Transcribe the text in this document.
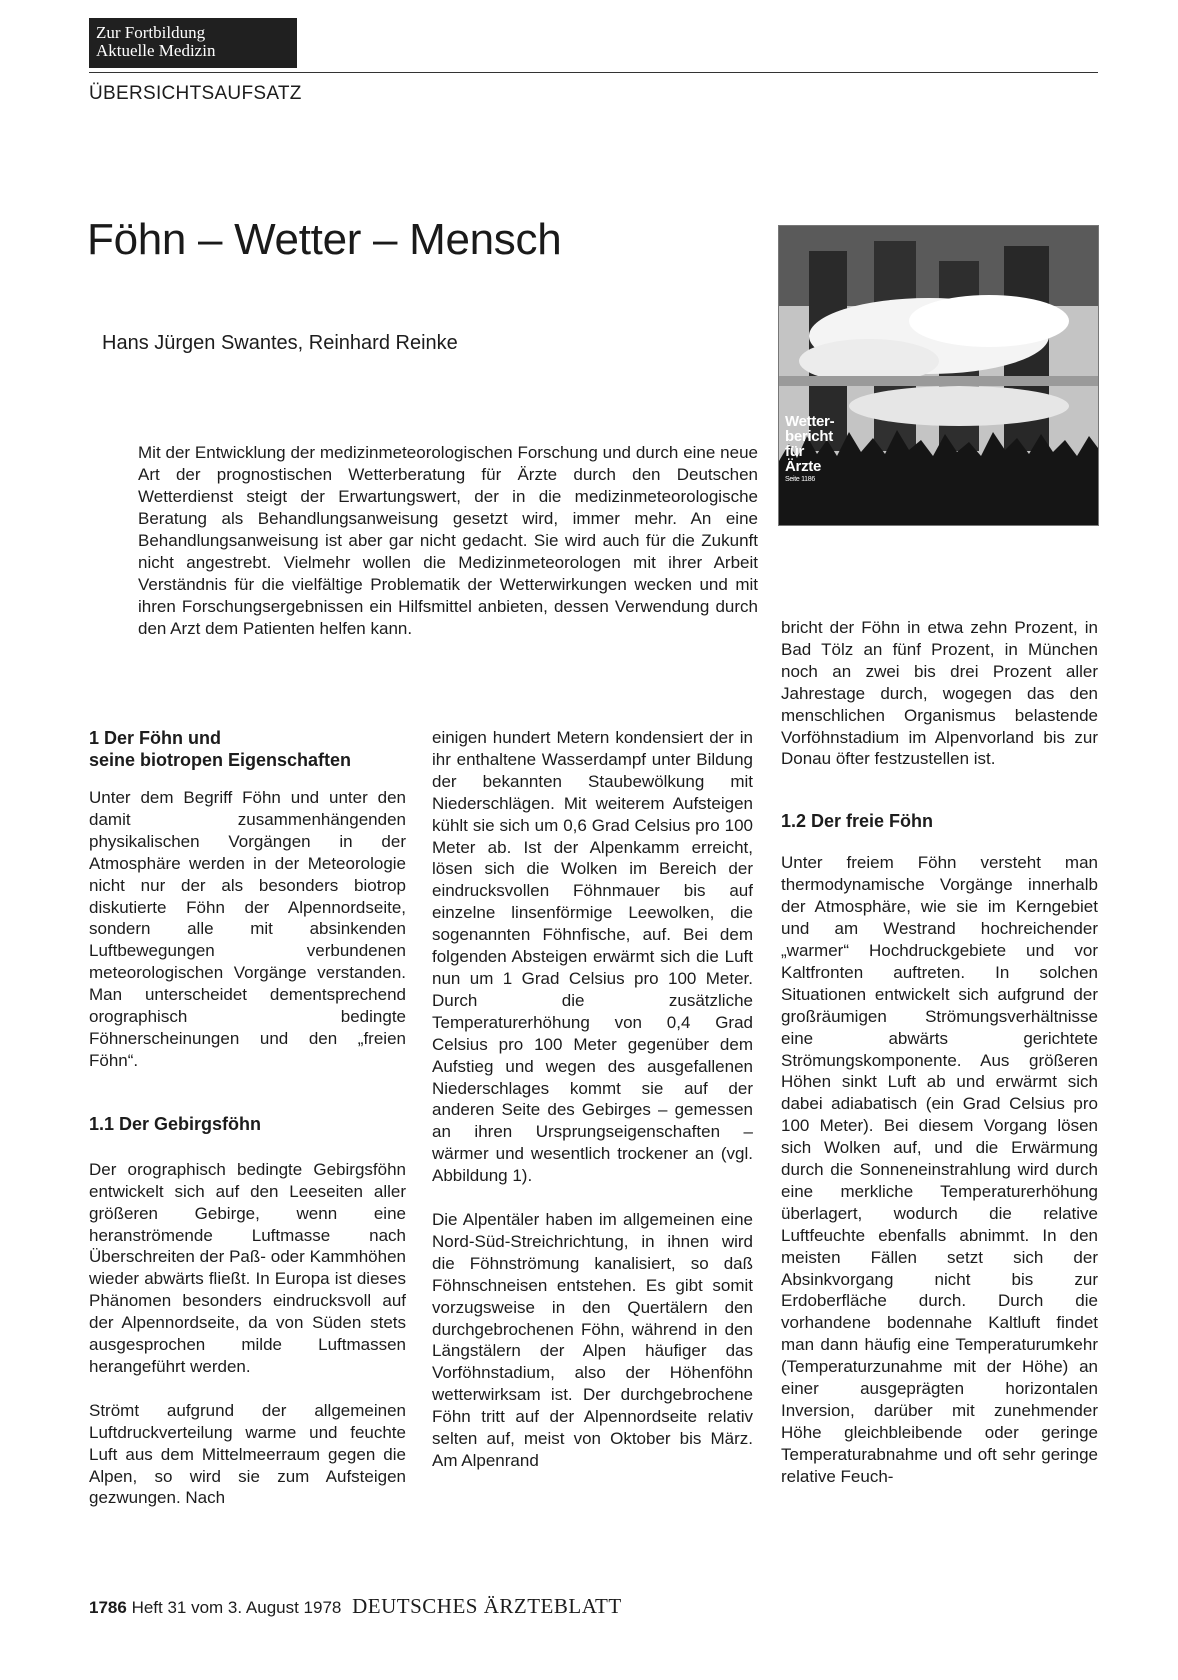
Zur Fortbildung
Aktuelle Medizin
ÜBERSICHTSAUFSATZ
Föhn – Wetter – Mensch
Hans Jürgen Swantes, Reinhard Reinke
Mit der Entwicklung der medizinmeteorologischen Forschung und durch eine neue Art der prognostischen Wetterberatung für Ärzte durch den Deutschen Wetterdienst steigt der Erwartungswert, der in die medizinmeteorologische Beratung als Behandlungsanweisung gesetzt wird, immer mehr. An eine Behandlungsanweisung ist aber gar nicht gedacht. Sie wird auch für die Zukunft nicht angestrebt. Vielmehr wollen die Medizinmeteorologen mit ihrer Arbeit Verständnis für die vielfältige Problematik der Wetterwirkungen wecken und mit ihren Forschungsergebnissen ein Hilfsmittel anbieten, dessen Verwendung durch den Arzt dem Patienten helfen kann.
Wetter-
bericht
für
Ärzte
Seite 1186
1 Der Föhn und
seine biotropen Eigenschaften

Unter dem Begriff Föhn und unter den damit zusammenhängenden physikalischen Vorgängen in der Atmosphäre werden in der Meteorologie nicht nur der als besonders biotrop diskutierte Föhn der Alpennordseite, sondern alle mit absinkenden Luftbewegungen verbundenen meteorologischen Vorgänge verstanden. Man unterscheidet dementsprechend orographisch bedingte Föhnerscheinungen und den „freien Föhn“.

1.1 Der Gebirgsföhn

Der orographisch bedingte Gebirgsföhn entwickelt sich auf den Leeseiten aller größeren Gebirge, wenn eine heranströmende Luftmasse nach Überschreiten der Paß- oder Kammhöhen wieder abwärts fließt. In Europa ist dieses Phänomen besonders eindrucksvoll auf der Alpennordseite, da von Süden stets ausgesprochen milde Luftmassen herangeführt werden.

Strömt aufgrund der allgemeinen Luftdruckverteilung warme und feuchte Luft aus dem Mittelmeerraum gegen die Alpen, so wird sie zum Aufsteigen gezwungen. Nach

einigen hundert Metern kondensiert der in ihr enthaltene Wasserdampf unter Bildung der bekannten Staubewölkung mit Niederschlägen. Mit weiterem Aufsteigen kühlt sie sich um 0,6 Grad Celsius pro 100 Meter ab. Ist der Alpenkamm erreicht, lösen sich die Wolken im Bereich der eindrucksvollen Föhnmauer bis auf einzelne linsenförmige Leewolken, die sogenannten Föhnfische, auf. Bei dem folgenden Absteigen erwärmt sich die Luft nun um 1 Grad Celsius pro 100 Meter. Durch die zusätzliche Temperaturerhöhung von 0,4 Grad Celsius pro 100 Meter gegenüber dem Aufstieg und wegen des ausgefallenen Niederschlages kommt sie auf der anderen Seite des Gebirges – gemessen an ihren Ursprungseigenschaften – wärmer und wesentlich trockener an (vgl. Abbildung 1).

Die Alpentäler haben im allgemeinen eine Nord-Süd-Streichrichtung, in ihnen wird die Föhnströmung kanalisiert, so daß Föhnschneisen entstehen. Es gibt somit vorzugsweise in den Quertälern den durchgebrochenen Föhn, während in den Längstälern der Alpen häufiger das Vorföhnstadium, also der Höhenföhn wetterwirksam ist. Der durchgebrochene Föhn tritt auf der Alpennordseite relativ selten auf, meist von Oktober bis März. Am Alpenrand

bricht der Föhn in etwa zehn Prozent, in Bad Tölz an fünf Prozent, in München noch an zwei bis drei Prozent aller Jahrestage durch, wogegen das den menschlichen Organismus belastende Vorföhnstadium im Alpenvorland bis zur Donau öfter festzustellen ist.

1.2 Der freie Föhn

Unter freiem Föhn versteht man thermodynamische Vorgänge innerhalb der Atmosphäre, wie sie im Kerngebiet und am Westrand hochreichender „warmer“ Hochdruckgebiete und vor Kaltfronten auftreten. In solchen Situationen entwickelt sich aufgrund der großräumigen Strömungsverhältnisse eine abwärts gerichtete Strömungskomponente. Aus größeren Höhen sinkt Luft ab und erwärmt sich dabei adiabatisch (ein Grad Celsius pro 100 Meter). Bei diesem Vorgang lösen sich Wolken auf, und die Erwärmung durch die Sonneneinstrahlung wird durch eine merkliche Temperaturerhöhung überlagert, wodurch die relative Luftfeuchte ebenfalls abnimmt. In den meisten Fällen setzt sich der Absinkvorgang nicht bis zur Erdoberfläche durch. Durch die vorhandene bodennahe Kaltluft findet man dann häufig eine Temperaturumkehr (Temperaturzunahme mit der Höhe) an einer ausgeprägten horizontalen Inversion, darüber mit zunehmender Höhe gleichbleibende oder geringe Temperaturabnahme und oft sehr geringe relative Feuch-

1786 Heft 31 vom 3. August 1978 DEUTSCHES ÄRZTEBLATT
